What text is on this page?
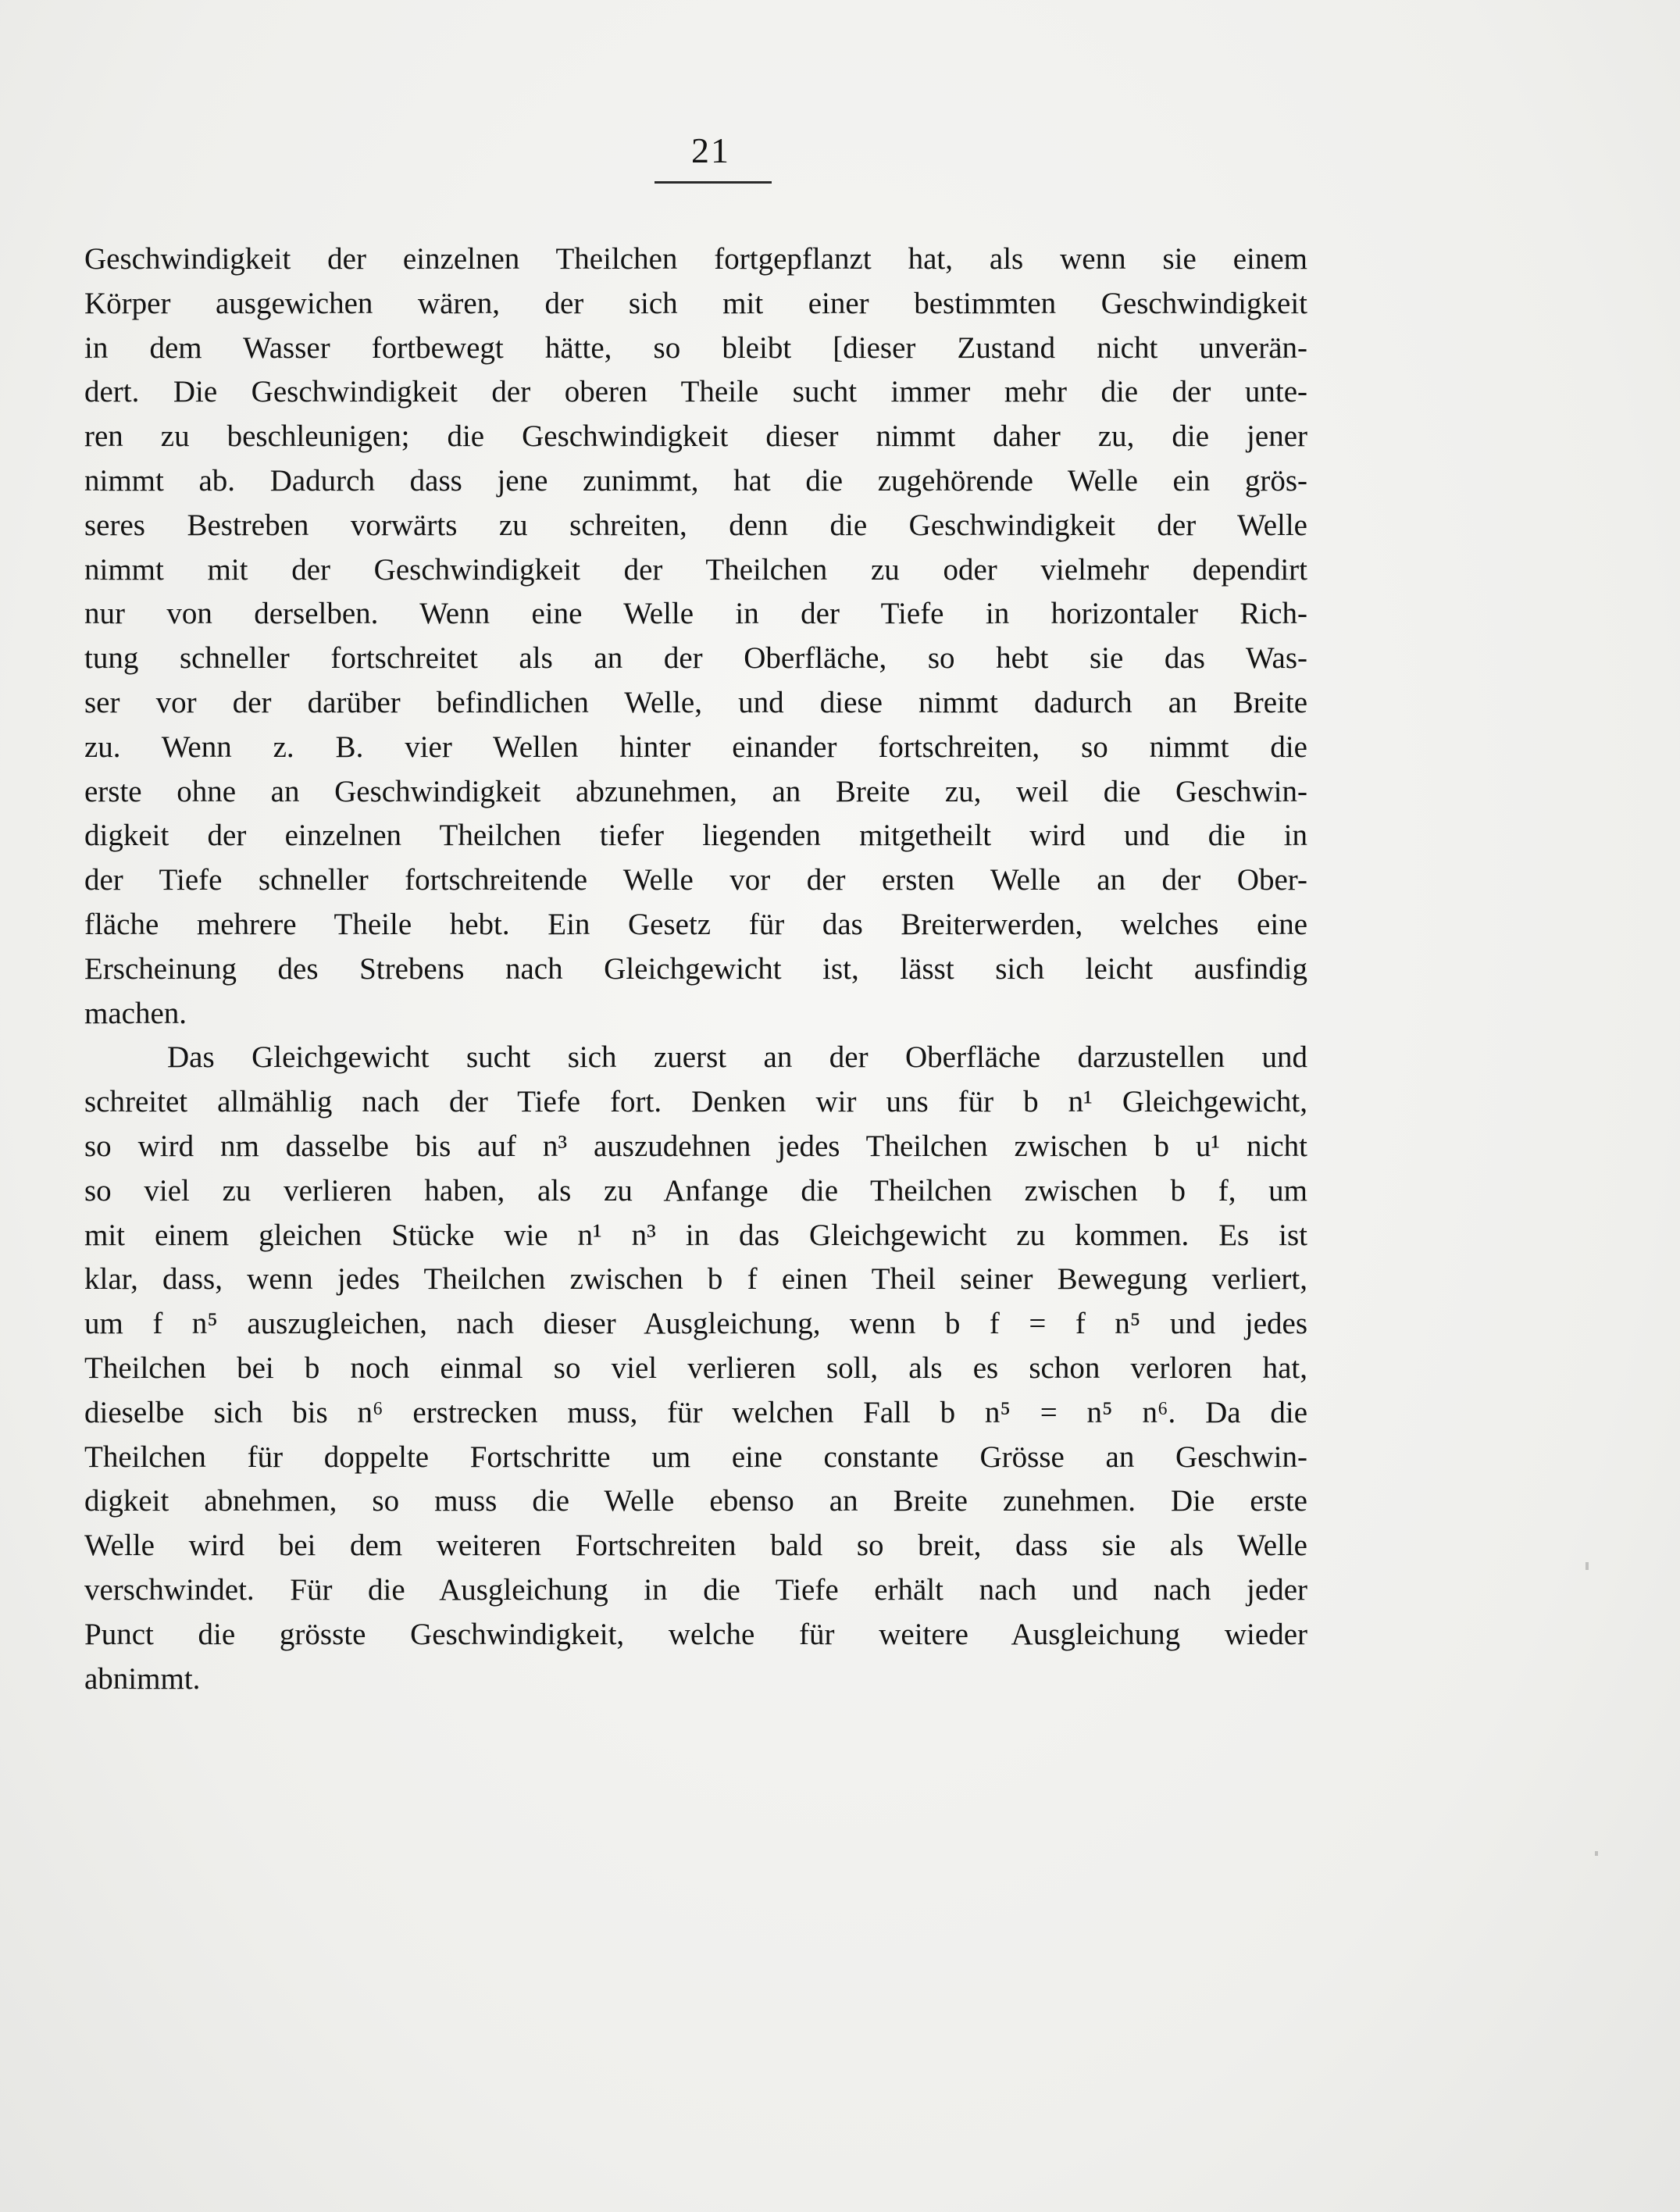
21
Geschwindigkeit der einzelnen Theilchen fortgepflanzt hat, als wenn sie einem
Körper ausgewichen wären, der sich mit einer bestimmten Geschwindigkeit
in dem Wasser fortbewegt hätte, so bleibt [dieser Zustand nicht unverän-
dert. Die Geschwindigkeit der oberen Theile sucht immer mehr die der unte-
ren zu beschleunigen; die Geschwindigkeit dieser nimmt daher zu, die jener
nimmt ab. Dadurch dass jene zunimmt, hat die zugehörende Welle ein grös-
seres Bestreben vorwärts zu schreiten, denn die Geschwindigkeit der Welle
nimmt mit der Geschwindigkeit der Theilchen zu oder vielmehr dependirt
nur von derselben. Wenn eine Welle in der Tiefe in horizontaler Rich-
tung schneller fortschreitet als an der Oberfläche, so hebt sie das Was-
ser vor der darüber befindlichen Welle, und diese nimmt dadurch an Breite
zu. Wenn z. B. vier Wellen hinter einander fortschreiten, so nimmt die
erste ohne an Geschwindigkeit abzunehmen, an Breite zu, weil die Geschwin-
digkeit der einzelnen Theilchen tiefer liegenden mitgetheilt wird und die in
der Tiefe schneller fortschreitende Welle vor der ersten Welle an der Ober-
fläche mehrere Theile hebt. Ein Gesetz für das Breiterwerden, welches eine
Erscheinung des Strebens nach Gleichgewicht ist, lässt sich leicht ausfindig
machen.
Das Gleichgewicht sucht sich zuerst an der Oberfläche darzustellen und
schreitet allmählig nach der Tiefe fort. Denken wir uns für b n¹ Gleichgewicht,
so wird nm dasselbe bis auf n³ auszudehnen jedes Theilchen zwischen b u¹ nicht
so viel zu verlieren haben, als zu Anfange die Theilchen zwischen b f, um
mit einem gleichen Stücke wie n¹ n³ in das Gleichgewicht zu kommen. Es ist
klar, dass, wenn jedes Theilchen zwischen b f einen Theil seiner Bewegung verliert,
um f n⁵ auszugleichen, nach dieser Ausgleichung, wenn b f = f n⁵ und jedes
Theilchen bei b noch einmal so viel verlieren soll, als es schon verloren hat,
dieselbe sich bis n⁶ erstrecken muss, für welchen Fall b n⁵ = n⁵ n⁶. Da die
Theilchen für doppelte Fortschritte um eine constante Grösse an Geschwin-
digkeit abnehmen, so muss die Welle ebenso an Breite zunehmen. Die erste
Welle wird bei dem weiteren Fortschreiten bald so breit, dass sie als Welle
verschwindet. Für die Ausgleichung in die Tiefe erhält nach und nach jeder
Punct die grösste Geschwindigkeit, welche für weitere Ausgleichung wieder
abnimmt.
